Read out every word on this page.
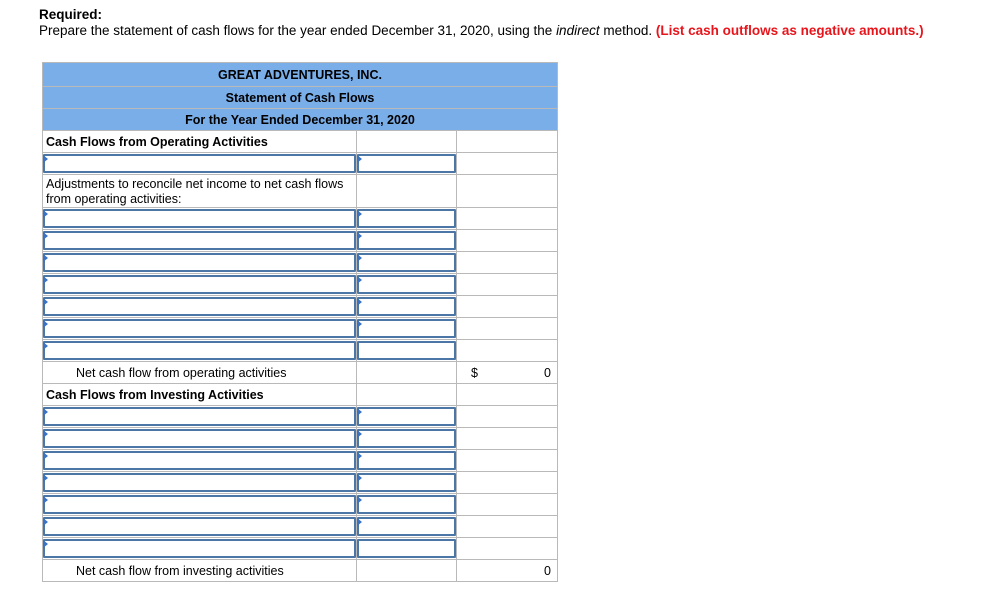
Required:
Prepare the statement of cash flows for the year ended December 31, 2020, using the indirect method. (List cash outflows as negative amounts.)
GREAT ADVENTURES, INC.		
Statement of Cash Flows		
For the Year Ended December 31, 2020		
Cash Flows from Operating Activities		

Adjustments to reconcile net income to net cash flows from operating activities:		

Net cash flow from operating activities		$ 0

Cash Flows from Investing Activities		

Net cash flow from investing activities		0
